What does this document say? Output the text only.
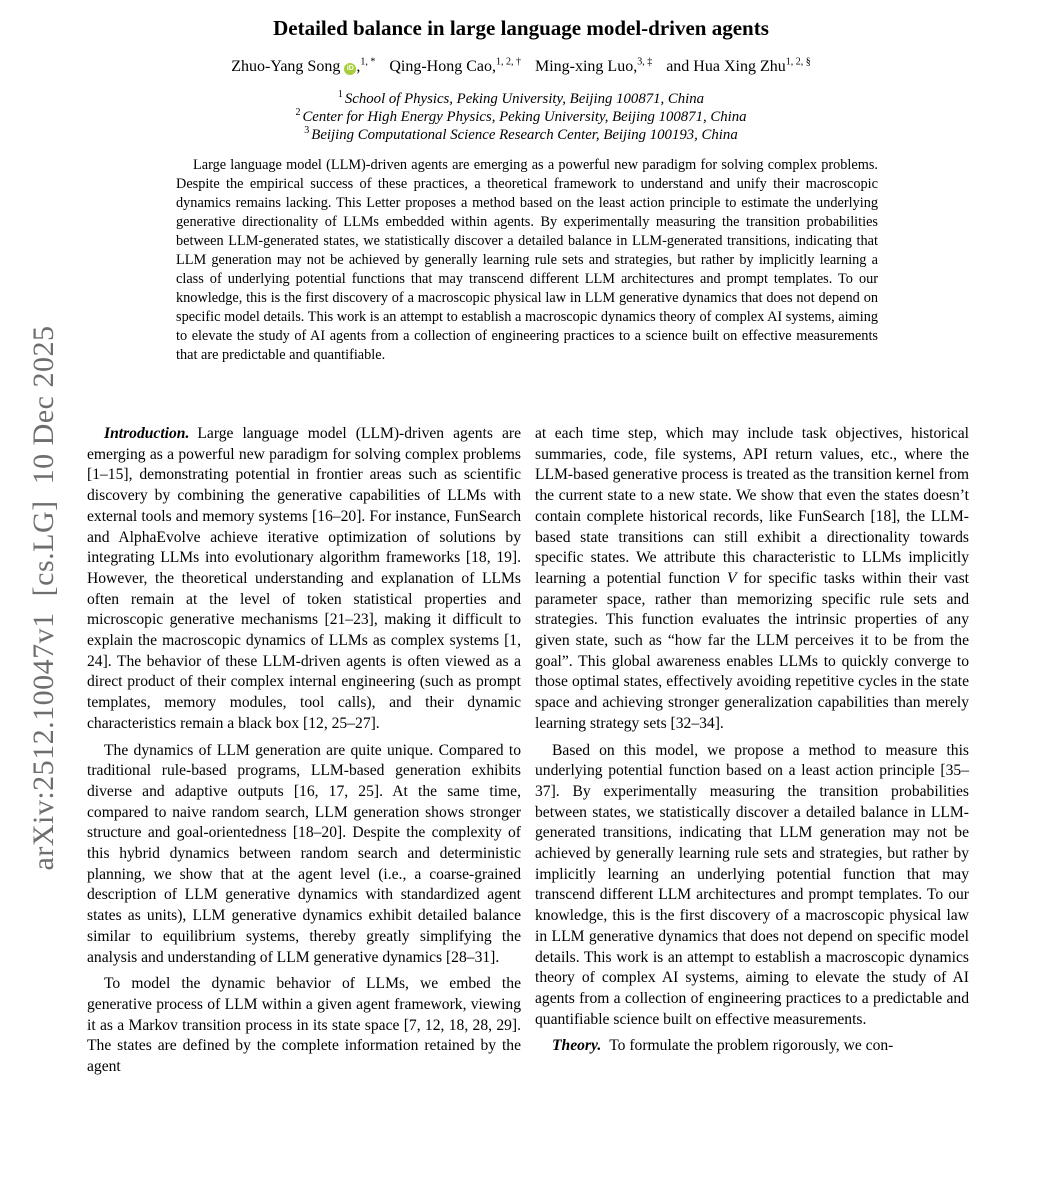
arXiv:2512.10047v1  [cs.LG]  10 Dec 2025
Detailed balance in large language model-driven agents
Zhuo-Yang Song iD ,$^{1, *}$ Qing-Hong Cao,$^{1, 2, \dagger}$ Ming-xing Luo,$^{3, \ddagger}$ and Hua Xing Zhu$^{1, 2, \S}$
$^1$ School of Physics, Peking University, Beijing 100871, China
$^2$ Center for High Energy Physics, Peking University, Beijing 100871, China
$^3$ Beijing Computational Science Research Center, Beijing 100193, China

Large language model (LLM)-driven agents are emerging as a powerful new paradigm for solving complex problems. Despite the empirical success of these practices, a theoretical framework to understand and unify their macroscopic dynamics remains lacking. This Letter proposes a method based on the least action principle to estimate the underlying generative directionality of LLMs embedded within agents. By experimentally measuring the transition probabilities between LLM-generated states, we statistically discover a detailed balance in LLM-generated transitions, indicating that LLM generation may not be achieved by generally learning rule sets and strategies, but rather by implicitly learning a class of underlying potential functions that may transcend different LLM architectures and prompt templates. To our knowledge, this is the first discovery of a macroscopic physical law in LLM generative dynamics that does not depend on specific model details. This work is an attempt to establish a macroscopic dynamics theory of complex AI systems, aiming to elevate the study of AI agents from a collection of engineering practices to a science built on effective measurements that are predictable and quantifiable.

Introduction. Large language model (LLM)-driven agents are emerging as a powerful new paradigm for solving complex problems [1–15], demonstrating potential in frontier areas such as scientific discovery by combining the generative capabilities of LLMs with external tools and memory systems [16–20]. For instance, FunSearch and AlphaEvolve achieve iterative optimization of solutions by integrating LLMs into evolutionary algorithm frameworks [18, 19]. However, the theoretical understanding and explanation of LLMs often remain at the level of token statistical properties and microscopic generative mechanisms [21–23], making it difficult to explain the macroscopic dynamics of LLMs as complex systems [1, 24]. The behavior of these LLM-driven agents is often viewed as a direct product of their complex internal engineering (such as prompt templates, memory modules, tool calls), and their dynamic characteristics remain a black box [12, 25–27].

The dynamics of LLM generation are quite unique. Compared to traditional rule-based programs, LLM-based generation exhibits diverse and adaptive outputs [16, 17, 25]. At the same time, compared to naive random search, LLM generation shows stronger structure and goal-orientedness [18–20]. Despite the complexity of this hybrid dynamics between random search and deterministic planning, we show that at the agent level (i.e., a coarse-grained description of LLM generative dynamics with standardized agent states as units), LLM generative dynamics exhibit detailed balance similar to equilibrium systems, thereby greatly simplifying the analysis and understanding of LLM generative dynamics [28–31].

To model the dynamic behavior of LLMs, we embed the generative process of LLM within a given agent framework, viewing it as a Markov transition process in its state space [7, 12, 18, 28, 29]. The states are defined by the complete information retained by the agent

at each time step, which may include task objectives, historical summaries, code, file systems, API return values, etc., where the LLM-based generative process is treated as the transition kernel from the current state to a new state. We show that even the states doesn’t contain complete historical records, like FunSearch [18], the LLM-based state transitions can still exhibit a directionality towards specific states. We attribute this characteristic to LLMs implicitly learning a potential function V for specific tasks within their vast parameter space, rather than memorizing specific rule sets and strategies. This function evaluates the intrinsic properties of any given state, such as “how far the LLM perceives it to be from the goal”. This global awareness enables LLMs to quickly converge to those optimal states, effectively avoiding repetitive cycles in the state space and achieving stronger generalization capabilities than merely learning strategy sets [32–34].

Based on this model, we propose a method to measure this underlying potential function based on a least action principle [35–37]. By experimentally measuring the transition probabilities between states, we statistically discover a detailed balance in LLM-generated transitions, indicating that LLM generation may not be achieved by generally learning rule sets and strategies, but rather by implicitly learning an underlying potential function that may transcend different LLM architectures and prompt templates. To our knowledge, this is the first discovery of a macroscopic physical law in LLM generative dynamics that does not depend on specific model details. This work is an attempt to establish a macroscopic dynamics theory of complex AI systems, aiming to elevate the study of AI agents from a collection of engineering practices to a predictable and quantifiable science built on effective measurements.

Theory. To formulate the problem rigorously, we con-
